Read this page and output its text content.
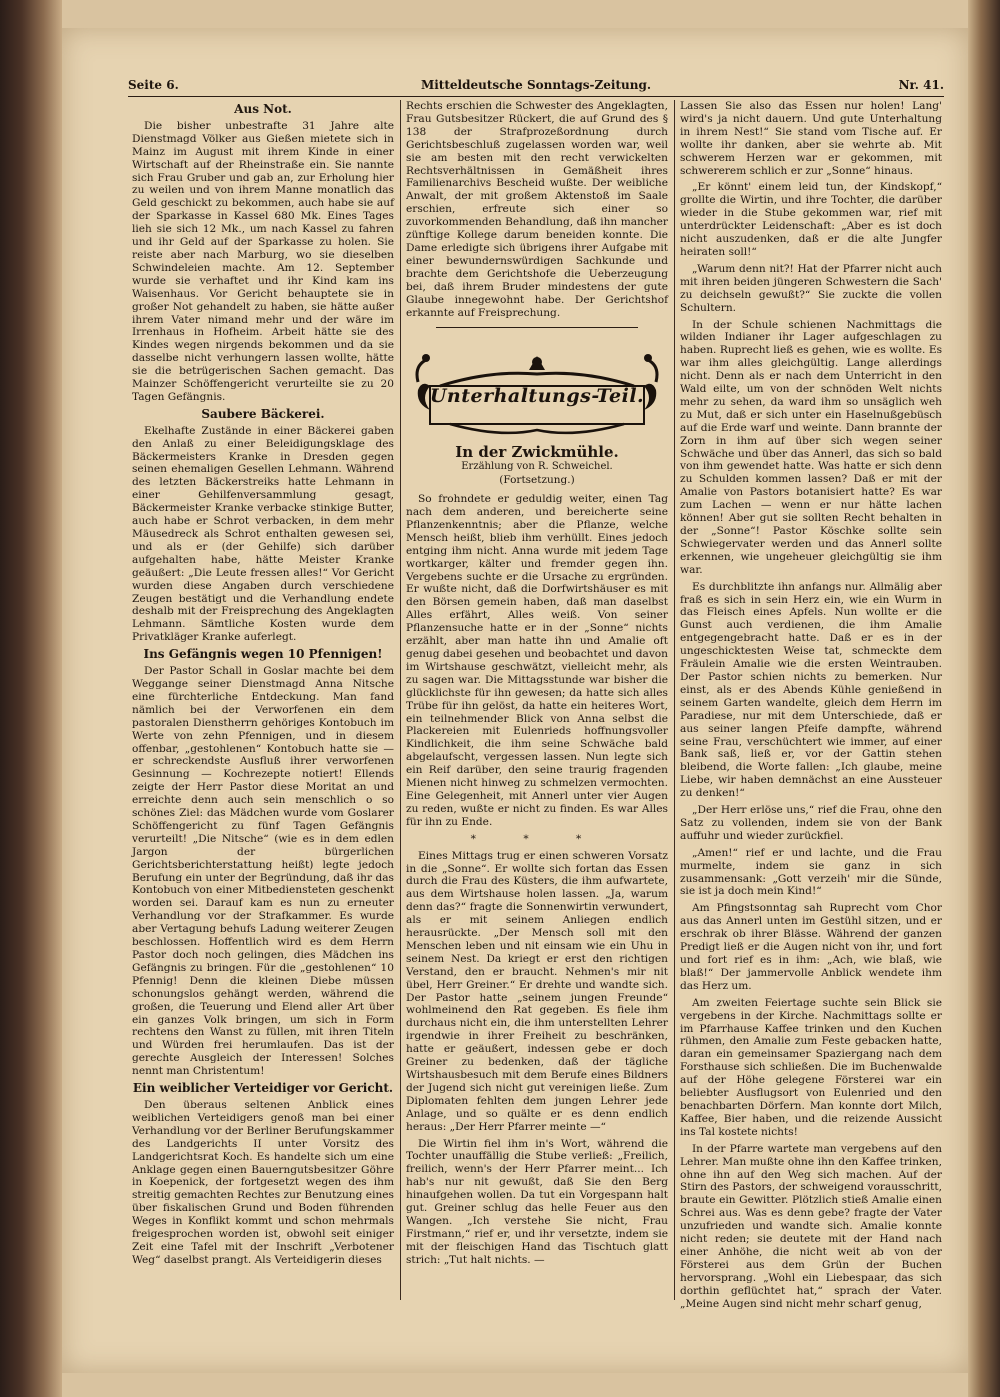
Seite 6.	Mitteldeutsche Sonntags-Zeitung.	Nr. 41.
Aus Not.

Die bisher unbestrafte 31 Jahre alte Dienstmagd Völker aus Gießen mietete sich in Mainz im August mit ihrem Kinde in einer Wirtschaft auf der Rheinstraße ein. Sie nannte sich Frau Gruber und gab an, zur Erholung hier zu weilen und von ihrem Manne monatlich das Geld geschickt zu bekommen, auch habe sie auf der Sparkasse in Kassel 680 Mk. Eines Tages lieh sie sich 12 Mk., um nach Kassel zu fahren und ihr Geld auf der Sparkasse zu holen. Sie reiste aber nach Marburg, wo sie dieselben Schwindeleien machte. Am 12. September wurde sie verhaftet und ihr Kind kam ins Waisenhaus. Vor Gericht behauptete sie in großer Not gehandelt zu haben, sie hätte außer ihrem Vater nimand mehr und der wäre im Irrenhaus in Hofheim. Arbeit hätte sie des Kindes wegen nirgends bekommen und da sie dasselbe nicht verhungern lassen wollte, hätte sie die betrügerischen Sachen gemacht. Das Mainzer Schöffengericht verurteilte sie zu 20 Tagen Gefängnis.

Saubere Bäckerei.

Ekelhafte Zustände in einer Bäckerei gaben den Anlaß zu einer Beleidigungsklage des Bäckermeisters Kranke in Dresden gegen seinen ehemaligen Gesellen Lehmann. Während des letzten Bäckerstreiks hatte Lehmann in einer Gehilfenversammlung gesagt, Bäckermeister Kranke verbacke stinkige Butter, auch habe er Schrot verbacken, in dem mehr Mäusedreck als Schrot enthalten gewesen sei, und als er (der Gehilfe) sich darüber aufgehalten habe, hätte Meister Kranke geäußert: „Die Leute fressen alles!“ Vor Gericht wurden diese Angaben durch verschiedene Zeugen bestätigt und die Verhandlung endete deshalb mit der Freisprechung des Angeklagten Lehmann. Sämtliche Kosten wurde dem Privatkläger Kranke auferlegt.

Ins Gefängnis wegen 10 Pfennigen!

Der Pastor Schall in Goslar machte bei dem Weggange seiner Dienstmagd Anna Nitsche eine fürchterliche Entdeckung. Man fand nämlich bei der Verworfenen ein dem pastoralen Dienstherrn gehöriges Kontobuch im Werte von zehn Pfennigen, und in diesem offenbar, „gestohlenen“ Kontobuch hatte sie — er schreckendste Ausfluß ihrer verworfenen Gesinnung — Kochrezepte notiert! Ellends zeigte der Herr Pastor diese Moritat an und erreichte denn auch sein menschlich o so schönes Ziel: das Mädchen wurde vom Goslarer Schöffengericht zu fünf Tagen Gefängnis verurteilt! „Die Nitsche“ (wie es in dem edlen Jargon der bürgerlichen Gerichtsberichterstattung heißt) legte jedoch Berufung ein unter der Begründung, daß ihr das Kontobuch von einer Mitbediensteten geschenkt worden sei. Darauf kam es nun zu erneuter Verhandlung vor der Strafkammer. Es wurde aber Vertagung behufs Ladung weiterer Zeugen beschlossen. Hoffentlich wird es dem Herrn Pastor doch noch gelingen, dies Mädchen ins Gefängnis zu bringen. Für die „gestohlenen“ 10 Pfennig! Denn die kleinen Diebe müssen schonungslos gehängt werden, während die großen, die Teuerung und Elend aller Art über ein ganzes Volk bringen, um sich in Form rechtens den Wanst zu füllen, mit ihren Titeln und Würden frei herumlaufen. Das ist der gerechte Ausgleich der Interessen! Solches nennt man Christentum!

Ein weiblicher Verteidiger vor Gericht.

Den überaus seltenen Anblick eines weiblichen Verteidigers genoß man bei einer Verhandlung vor der Berliner Berufungskammer des Landgerichts II unter Vorsitz des Landgerichtsrat Koch. Es handelte sich um eine Anklage gegen einen Bauerngutsbesitzer Göhre in Koepenick, der fortgesetzt wegen des ihm streitig gemachten Rechtes zur Benutzung eines über fiskalischen Grund und Boden führenden Weges in Konflikt kommt und schon mehrmals freigesprochen worden ist, obwohl seit einiger Zeit eine Tafel mit der Inschrift „Verbotener Weg“ daselbst prangt. Als Verteidigerin dieses

Rechts erschien die Schwester des Angeklagten, Frau Gutsbesitzer Rückert, die auf Grund des § 138 der Strafprozeßordnung durch Gerichtsbeschluß zugelassen worden war, weil sie am besten mit den recht verwickelten Rechtsverhältnissen in Gemäßheit ihres Familienarchivs Bescheid wußte. Der weibliche Anwalt, der mit großem Aktenstoß im Saale erschien, erfreute sich einer so zuvorkommenden Behandlung, daß ihn mancher zünftige Kollege darum beneiden konnte. Die Dame erledigte sich übrigens ihrer Aufgabe mit einer bewundernswürdigen Sachkunde und brachte dem Gerichtshofe die Ueberzeugung bei, daß ihrem Bruder mindestens der gute Glaube innegewohnt habe. Der Gerichtshof erkannte auf Freisprechung.

Unterhaltungs-Teil.
In der Zwickmühle.
Erzählung von R. Schweichel.
(Fortsetzung.)

So frohndete er geduldig weiter, einen Tag nach dem anderen, und bereicherte seine Pflanzenkenntnis; aber die Pflanze, welche Mensch heißt, blieb ihm verhüllt. Eines jedoch entging ihm nicht. Anna wurde mit jedem Tage wortkarger, kälter und fremder gegen ihn. Vergebens suchte er die Ursache zu ergründen. Er wußte nicht, daß die Dorfwirtshäuser es mit den Börsen gemein haben, daß man daselbst Alles erfährt, Alles weiß. Von seiner Pflanzensuche hatte er in der „Sonne“ nichts erzählt, aber man hatte ihn und Amalie oft genug dabei gesehen und beobachtet und davon im Wirtshause geschwätzt, vielleicht mehr, als zu sagen war. Die Mittagsstunde war bisher die glücklichste für ihn gewesen; da hatte sich alles Trübe für ihn gelöst, da hatte ein heiteres Wort, ein teilnehmender Blick von Anna selbst die Plackereien mit Eulenrieds hoffnungsvoller Kindlichkeit, die ihm seine Schwäche bald abgelaufscht, vergessen lassen. Nun legte sich ein Reif darüber, den seine traurig fragenden Mienen nicht hinweg zu schmelzen vermochten. Eine Gelegenheit, mit Annerl unter vier Augen zu reden, wußte er nicht zu finden. Es war Alles für ihn zu Ende.

* * *

Eines Mittags trug er einen schweren Vorsatz in die „Sonne“. Er wollte sich fortan das Essen durch die Frau des Küsters, die ihm aufwartete, aus dem Wirtshause holen lassen. „Ja, warum denn das?“ fragte die Sonnenwirtin verwundert, als er mit seinem Anliegen endlich herausrückte. „Der Mensch soll mit den Menschen leben und nit einsam wie ein Uhu in seinem Nest. Da kriegt er erst den richtigen Verstand, den er braucht. Nehmen's mir nit übel, Herr Greiner.“ Er drehte und wandte sich. Der Pastor hatte „seinem jungen Freunde“ wohlmeinend den Rat gegeben. Es fiele ihm durchaus nicht ein, die ihm unterstellten Lehrer irgendwie in ihrer Freiheit zu beschränken, hatte er geäußert, indessen gebe er doch Greiner zu bedenken, daß der tägliche Wirtshausbesuch mit dem Berufe eines Bildners der Jugend sich nicht gut vereinigen ließe. Zum Diplomaten fehlten dem jungen Lehrer jede Anlage, und so quälte er es denn endlich heraus: „Der Herr Pfarrer meinte —“

Die Wirtin fiel ihm in's Wort, während die Tochter unauffällig die Stube verließ: „Freilich, freilich, wenn's der Herr Pfarrer meint... Ich hab's nur nit gewußt, daß Sie den Berg hinaufgehen wollen. Da tut ein Vorgespann halt gut. Greiner schlug das helle Feuer aus den Wangen. „Ich verstehe Sie nicht, Frau Firstmann,“ rief er, und ihr versetzte, indem sie mit der fleischigen Hand das Tischtuch glatt strich: „Tut halt nichts. —

Lassen Sie also das Essen nur holen! Lang' wird's ja nicht dauern. Und gute Unterhaltung in ihrem Nest!“ Sie stand vom Tische auf. Er wollte ihr danken, aber sie wehrte ab. Mit schwerem Herzen war er gekommen, mit schwererem schlich er zur „Sonne“ hinaus.

„Er könnt' einem leid tun, der Kindskopf,“ grollte die Wirtin, und ihre Tochter, die darüber wieder in die Stube gekommen war, rief mit unterdrückter Leidenschaft: „Aber es ist doch nicht auszudenken, daß er die alte Jungfer heiraten soll!“

„Warum denn nit?! Hat der Pfarrer nicht auch mit ihren beiden jüngeren Schwestern die Sach' zu deichseln gewußt?“ Sie zuckte die vollen Schultern.

In der Schule schienen Nachmittags die wilden Indianer ihr Lager aufgeschlagen zu haben. Ruprecht ließ es gehen, wie es wollte. Es war ihm alles gleichgültig. Lange allerdings nicht. Denn als er nach dem Unterricht in den Wald eilte, um von der schnöden Welt nichts mehr zu sehen, da ward ihm so unsäglich weh zu Mut, daß er sich unter ein Haselnußgebüsch auf die Erde warf und weinte. Dann brannte der Zorn in ihm auf über sich wegen seiner Schwäche und über das Annerl, das sich so bald von ihm gewendet hatte. Was hatte er sich denn zu Schulden kommen lassen? Daß er mit der Amalie von Pastors botanisiert hatte? Es war zum Lachen — wenn er nur hätte lachen können! Aber gut sie sollten Recht behalten in der „Sonne“! Pastor Köschke sollte sein Schwiegervater werden und das Annerl sollte erkennen, wie ungeheuer gleichgültig sie ihm war.

Es durchblitzte ihn anfangs nur. Allmälig aber fraß es sich in sein Herz ein, wie ein Wurm in das Fleisch eines Apfels. Nun wollte er die Gunst auch verdienen, die ihm Amalie entgegengebracht hatte. Daß er es in der ungeschicktesten Weise tat, schmeckte dem Fräulein Amalie wie die ersten Weintrauben. Der Pastor schien nichts zu bemerken. Nur einst, als er des Abends Kühle genießend in seinem Garten wandelte, gleich dem Herrn im Paradiese, nur mit dem Unterschiede, daß er aus seiner langen Pfeife dampfte, während seine Frau, verschüchtert wie immer, auf einer Bank saß, ließ er, vor der Gattin stehen bleibend, die Worte fallen: „Ich glaube, meine Liebe, wir haben demnächst an eine Aussteuer zu denken!“

„Der Herr erlöse uns,“ rief die Frau, ohne den Satz zu vollenden, indem sie von der Bank auffuhr und wieder zurückfiel.

„Amen!“ rief er und lachte, und die Frau murmelte, indem sie ganz in sich zusammensank: „Gott verzeih' mir die Sünde, sie ist ja doch mein Kind!“

Am Pfingstsonntag sah Ruprecht vom Chor aus das Annerl unten im Gestühl sitzen, und er erschrak ob ihrer Blässe. Während der ganzen Predigt ließ er die Augen nicht von ihr, und fort und fort rief es in ihm: „Ach, wie blaß, wie blaß!“ Der jammervolle Anblick wendete ihm das Herz um.

Am zweiten Feiertage suchte sein Blick sie vergebens in der Kirche. Nachmittags sollte er im Pfarrhause Kaffee trinken und den Kuchen rühmen, den Amalie zum Feste gebacken hatte, daran ein gemeinsamer Spaziergang nach dem Forsthause sich schließen. Die im Buchenwalde auf der Höhe gelegene Försterei war ein beliebter Ausflugsort von Eulenried und den benachbarten Dörfern. Man konnte dort Milch, Kaffee, Bier haben, und die reizende Aussicht ins Tal kostete nichts!

In der Pfarre wartete man vergebens auf den Lehrer. Man mußte ohne ihn den Kaffee trinken, ohne ihn auf den Weg sich machen. Auf der Stirn des Pastors, der schweigend vorausschritt, braute ein Gewitter. Plötzlich stieß Amalie einen Schrei aus. Was es denn gebe? fragte der Vater unzufrieden und wandte sich. Amalie konnte nicht reden; sie deutete mit der Hand nach einer Anhöhe, die nicht weit ab von der Försterei aus dem Grün der Buchen hervorsprang. „Wohl ein Liebespaar, das sich dorthin geflüchtet hat,“ sprach der Vater. „Meine Augen sind nicht mehr scharf genug,
